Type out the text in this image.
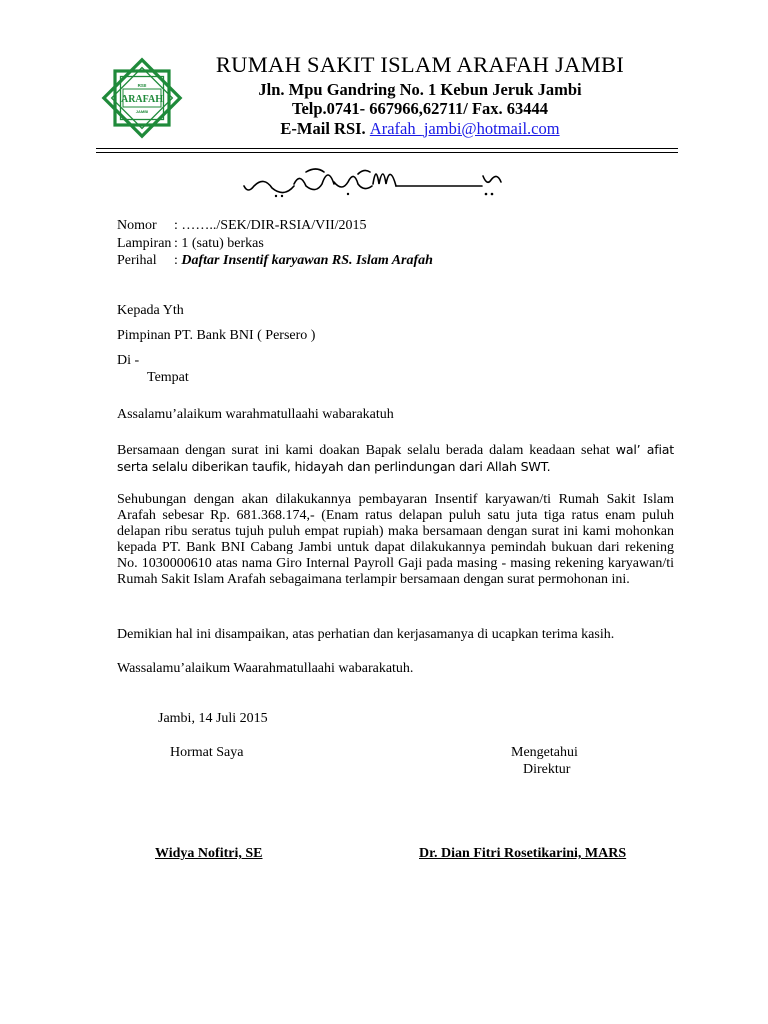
RSII
ARAFAH
JAMBI
RUMAH SAKIT ISLAM ARAFAH JAMBI
Jln. Mpu Gandring No. 1 Kebun Jeruk Jambi
Telp.0741- 667966,62711/ Fax. 63444
E-Mail RSI. Arafah_jambi@hotmail.com
Nomor : ……../SEK/DIR-RSIA/VII/2015
Lampiran : 1 (satu) berkas
Perihal : Daftar Insentif karyawan RS. Islam Arafah
Kepada Yth
Pimpinan PT. Bank BNI ( Persero )
Di -
Tempat
Assalamu’alaikum warahmatullaahi wabarakatuh
Bersamaan dengan surat ini kami doakan Bapak selalu berada dalam keadaan sehat wal’ afiat serta selalu diberikan taufik, hidayah dan perlindungan dari Allah SWT.
Sehubungan dengan akan dilakukannya pembayaran Insentif karyawan/ti Rumah Sakit Islam Arafah sebesar Rp. 681.368.174,- (Enam ratus delapan puluh satu juta tiga ratus enam puluh delapan ribu seratus tujuh puluh empat rupiah) maka bersamaan dengan surat ini kami mohonkan kepada PT. Bank BNI Cabang Jambi untuk dapat dilakukannya pemindah bukuan dari rekening No. 1030000610 atas nama Giro Internal Payroll Gaji pada masing - masing rekening karyawan/ti Rumah Sakit Islam Arafah sebagaimana terlampir bersamaan dengan surat permohonan ini.
Demikian hal ini disampaikan, atas perhatian dan kerjasamanya di ucapkan terima kasih.
Wassalamu’alaikum Waarahmatullaahi wabarakatuh.
Jambi, 14 Juli 2015
Hormat Saya	Mengetahui
Direktur
Widya Nofitri, SE	Dr. Dian Fitri Rosetikarini, MARS
